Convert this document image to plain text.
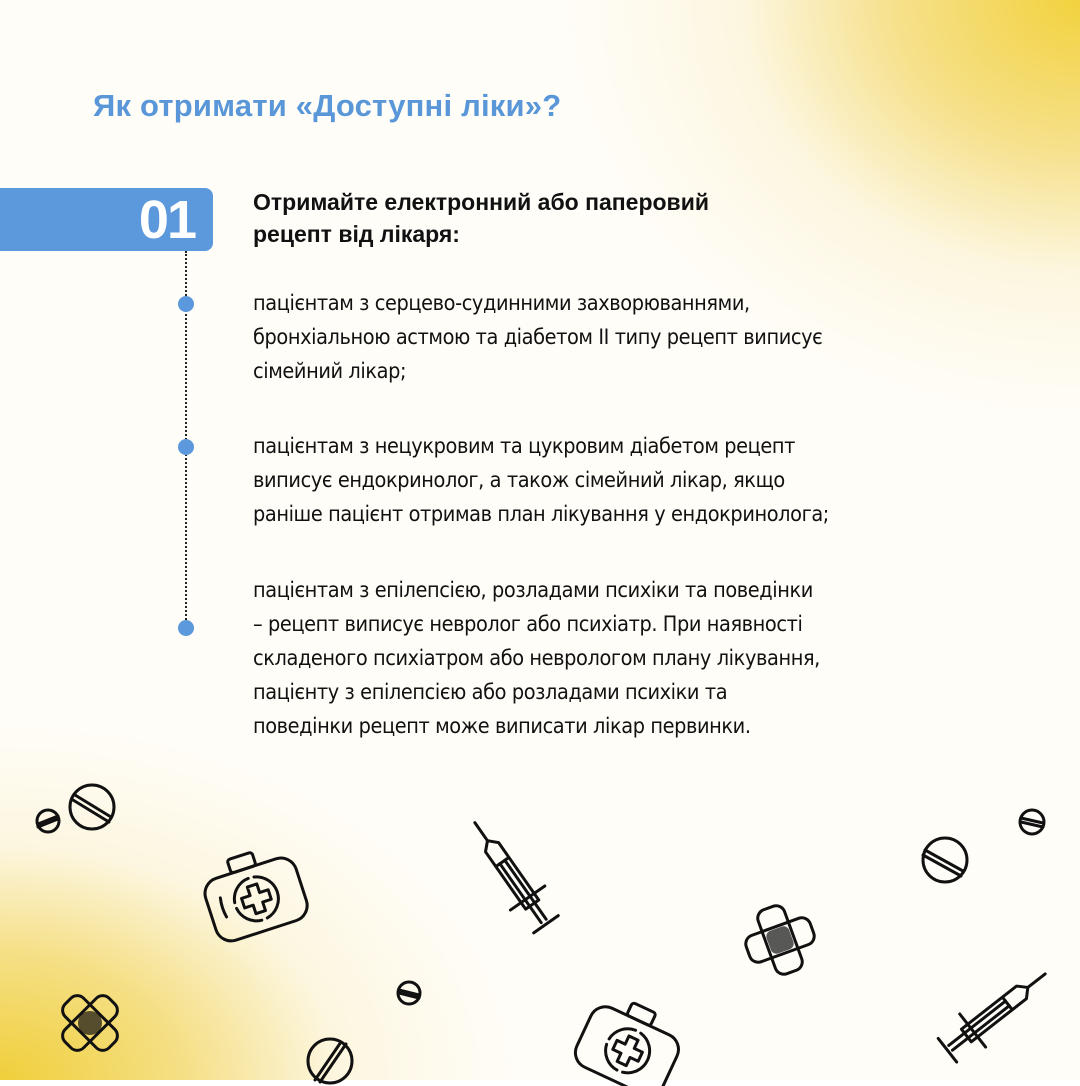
Як отримати «Доступні ліки»?
01	Отримайте електронний або паперовий
рецепт від лікаря:
пацієнтам з серцево-судинними захворюваннями,
бронхіальною астмою та діабетом II типу рецепт виписує
сімейний лікар;
пацієнтам з нецукровим та цукровим діабетом рецепт
виписує ендокринолог, а також сімейний лікар, якщо
раніше пацієнт отримав план лікування у ендокринолога;
пацієнтам з епілепсією, розладами психіки та поведінки
– рецепт виписує невролог або психіатр. При наявності
складеного психіатром або неврологом плану лікування,
пацієнту з епілепсією або розладами психіки та
поведінки рецепт може виписати лікар первинки.
